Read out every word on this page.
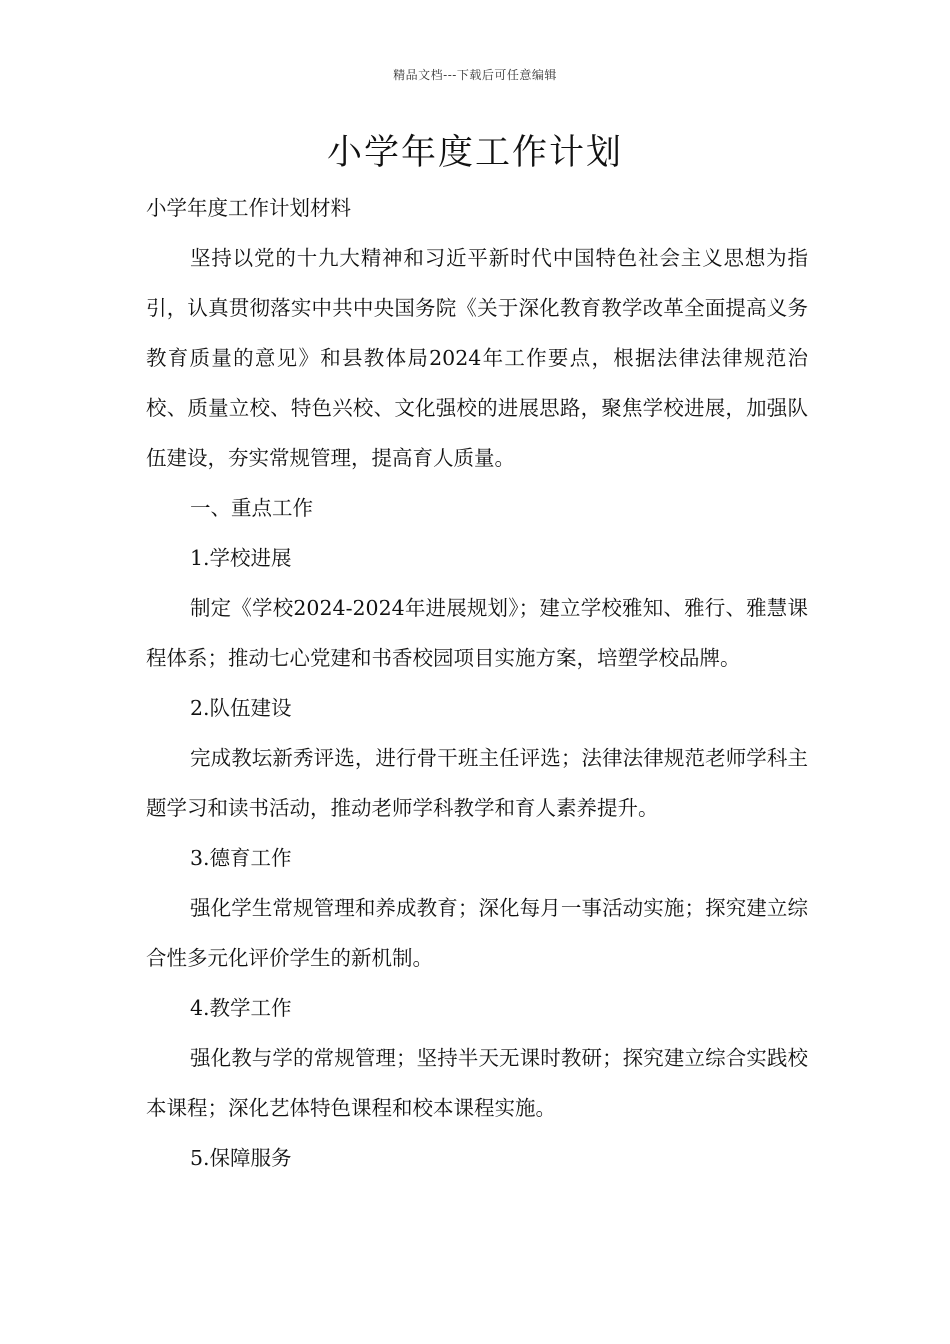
精品文档---下载后可任意编辑
小学年度工作计划

小学年度工作计划材料

坚持以党的十九大精神和习近平新时代中国特色社会主义思想为指引，认真贯彻落实中共中央国务院《关于深化教育教学改革全面提高义务教育质量的意见》和县教体局2024年工作要点，根据法律法律规范治校、质量立校、特色兴校、文化强校的进展思路，聚焦学校进展，加强队伍建设，夯实常规管理，提高育人质量。

一、重点工作

1.学校进展

制定《学校2024-2024年进展规划》；建立学校雅知、雅行、雅慧课程体系；推动七心党建和书香校园项目实施方案，培塑学校品牌。

2.队伍建设

完成教坛新秀评选，进行骨干班主任评选；法律法律规范老师学科主题学习和读书活动，推动老师学科教学和育人素养提升。

3.德育工作

强化学生常规管理和养成教育；深化每月一事活动实施；探究建立综合性多元化评价学生的新机制。

4.教学工作

强化教与学的常规管理；坚持半天无课时教研；探究建立综合实践校本课程；深化艺体特色课程和校本课程实施。

5.保障服务
